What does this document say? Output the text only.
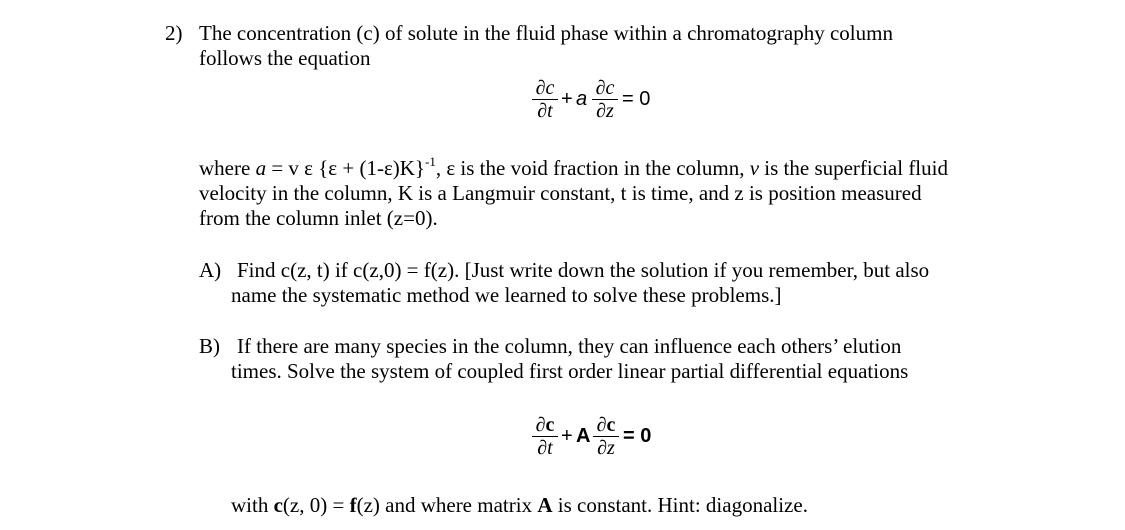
2) The concentration (c) of solute in the fluid phase within a chromatography column
follows the equation
∂c
∂t
+ a ∂c
∂z
= 0
where a = v ε $\{\varepsilon + (1-\varepsilon)K\}^{-1}$, ε is the void fraction in the column, v is the superficial fluid
velocity in the column, K is a Langmuir constant, t is time, and z is position measured
from the column inlet (z=0).
A) Find c(z, t) if c(z,0) = f(z). [Just write down the solution if you remember, but also
name the systematic method we learned to solve these problems.]
B) If there are many species in the column, they can influence each others’ elution
times. Solve the system of coupled first order linear partial differential equations
∂c
∂t
+ A ∂c
∂z
= 0
with c(z, 0) = f(z) and where matrix A is constant. Hint: diagonalize.
